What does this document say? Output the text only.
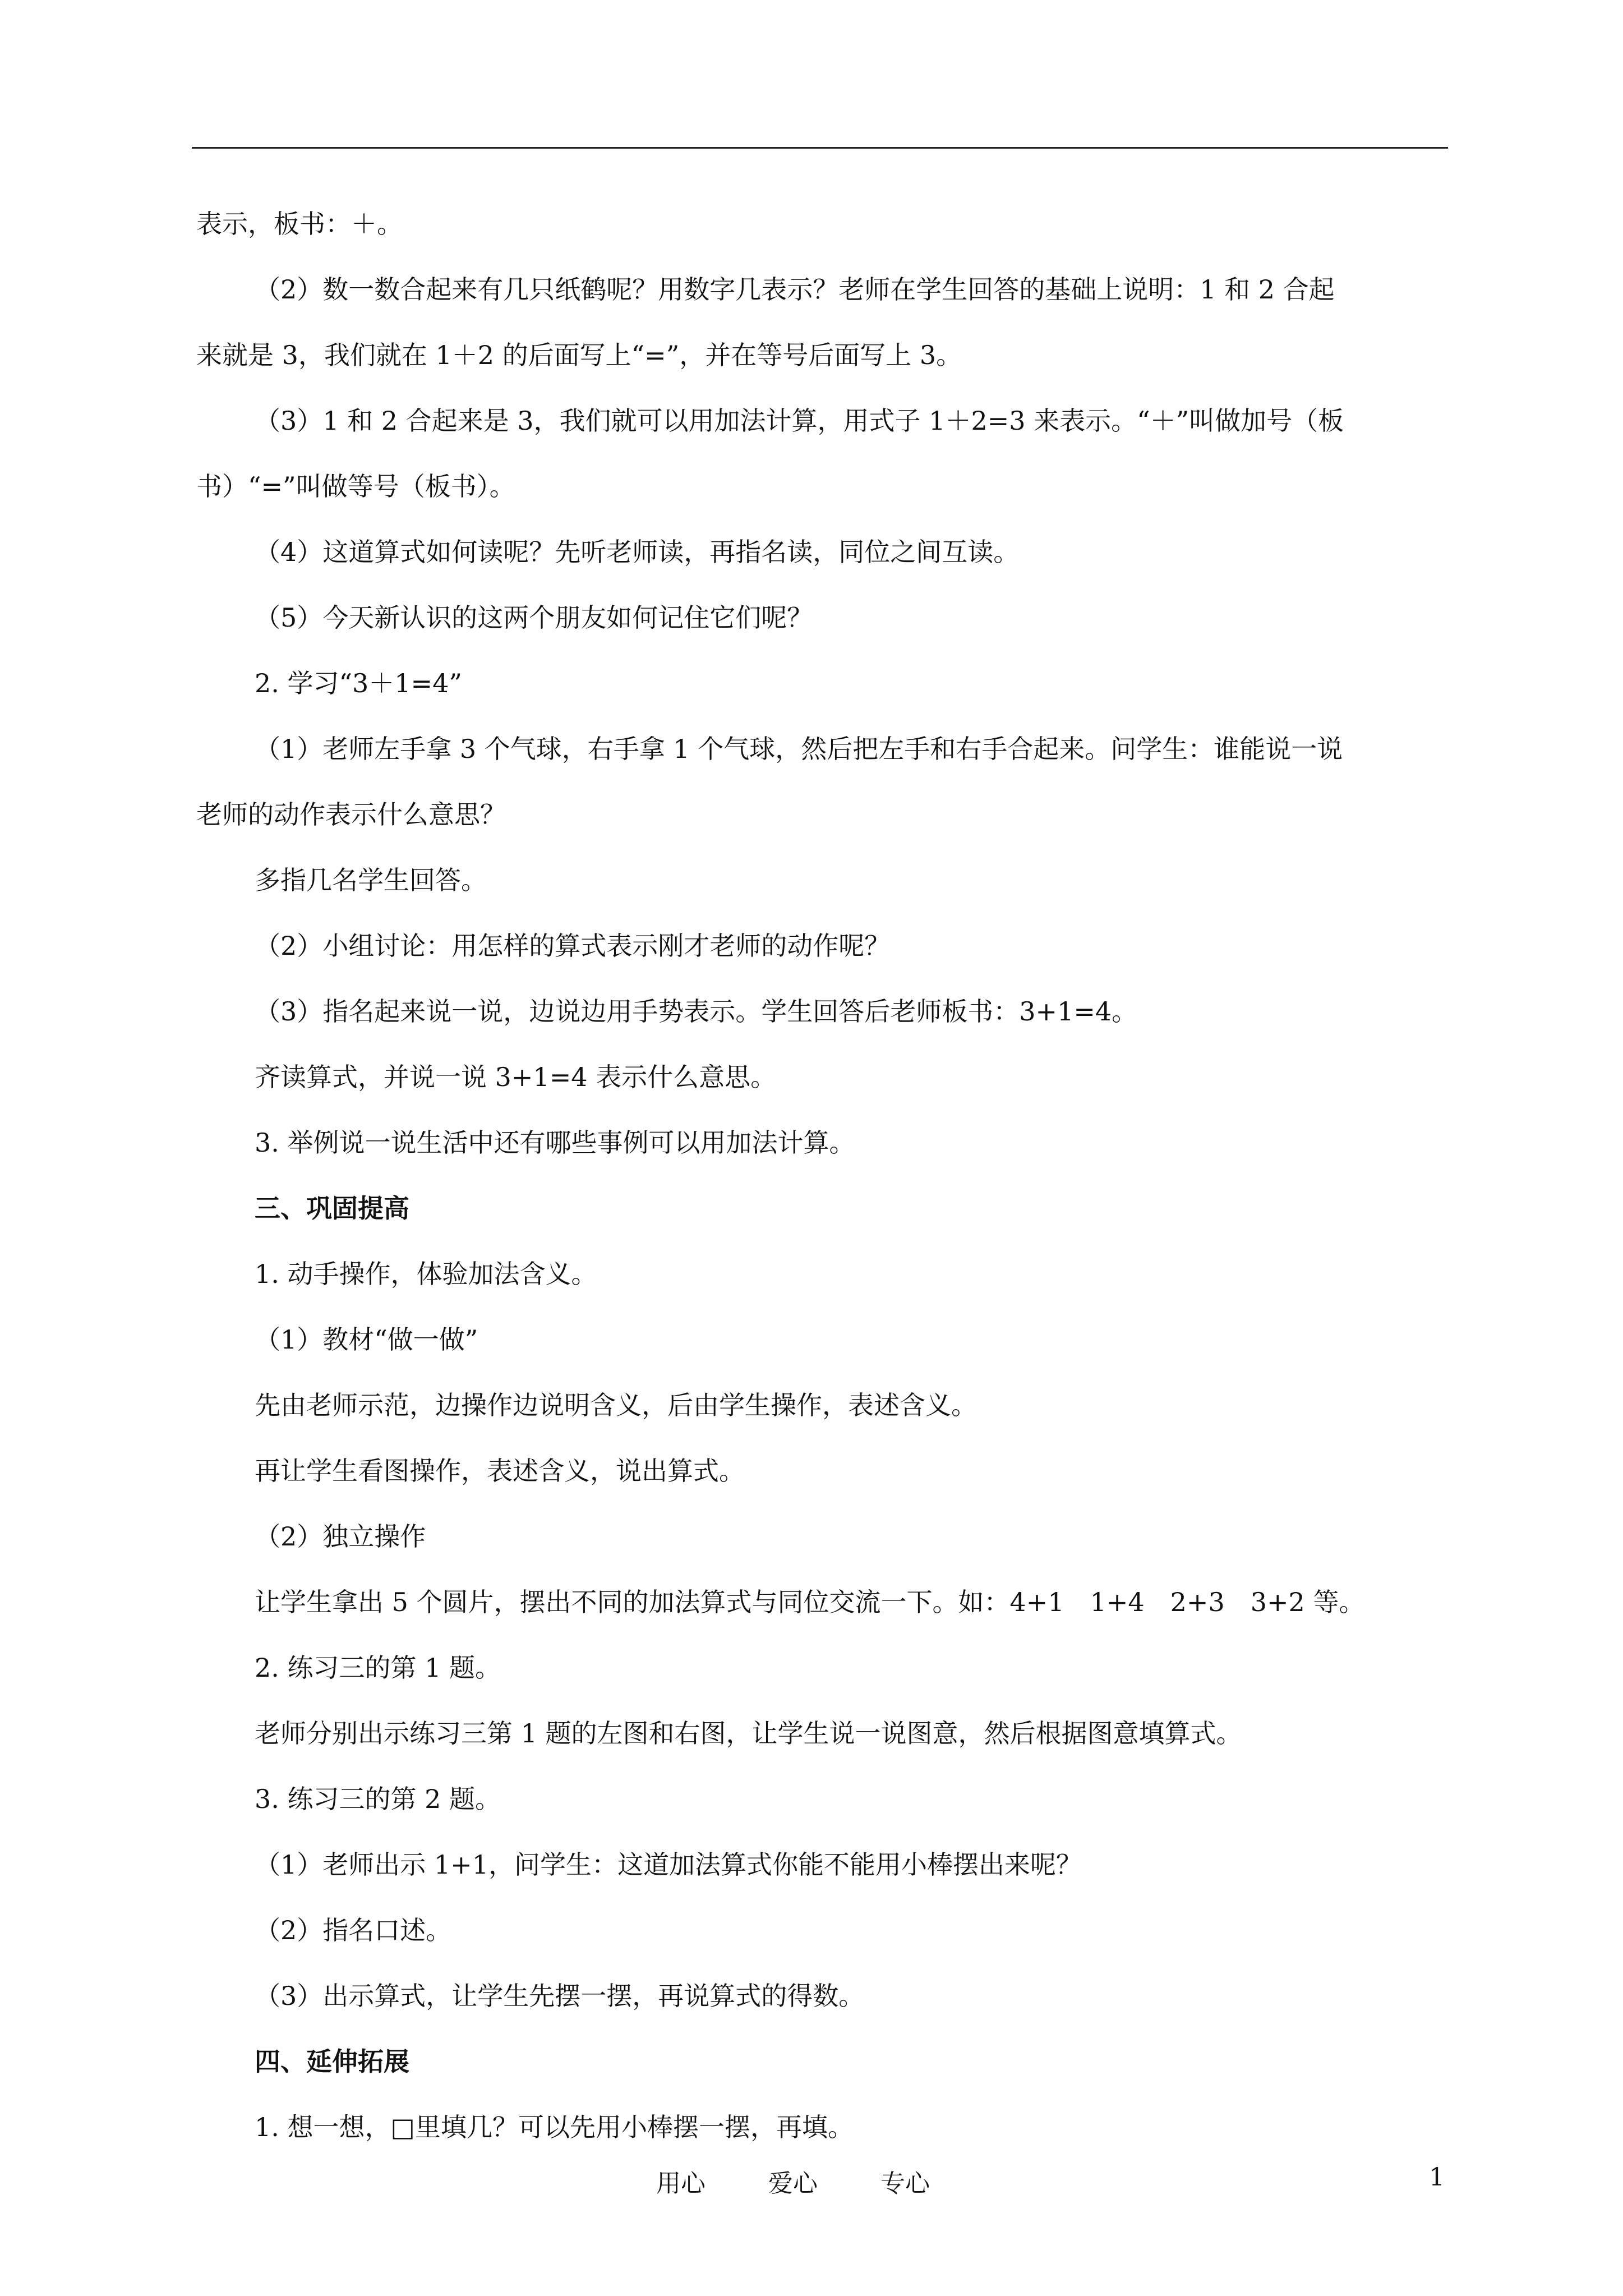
表示，板书：＋。
（2）数一数合起来有几只纸鹤呢？用数字几表示？老师在学生回答的基础上说明：1 和 2 合起
来就是 3，我们就在 1＋2 的后面写上“=”，并在等号后面写上 3。
（3）1 和 2 合起来是 3，我们就可以用加法计算，用式子 1＋2=3 来表示。“＋”叫做加号（板
书）“=”叫做等号（板书）。
（4）这道算式如何读呢？先听老师读，再指名读，同位之间互读。
（5）今天新认识的这两个朋友如何记住它们呢？
2. 学习“3＋1=4”
（1）老师左手拿 3 个气球，右手拿 1 个气球，然后把左手和右手合起来。问学生：谁能说一说
老师的动作表示什么意思？
多指几名学生回答。
（2）小组讨论：用怎样的算式表示刚才老师的动作呢？
（3）指名起来说一说，边说边用手势表示。学生回答后老师板书：3+1=4。
齐读算式，并说一说 3+1=4 表示什么意思。
3. 举例说一说生活中还有哪些事例可以用加法计算。
三、巩固提高
1. 动手操作，体验加法含义。
（1）教材“做一做”
先由老师示范，边操作边说明含义，后由学生操作，表述含义。
再让学生看图操作，表述含义，说出算式。
（2）独立操作
让学生拿出 5 个圆片，摆出不同的加法算式与同位交流一下。如：4+1　1+4　2+3　3+2 等。
2. 练习三的第 1 题。
老师分别出示练习三第 1 题的左图和右图，让学生说一说图意，然后根据图意填算式。
3. 练习三的第 2 题。
（1）老师出示 1+1，问学生：这道加法算式你能不能用小棒摆出来呢？
（2）指名口述。
（3）出示算式，让学生先摆一摆，再说算式的得数。
四、延伸拓展
1. 想一想，□里填几？可以先用小棒摆一摆，再填。
用心	爱心	专心	1
